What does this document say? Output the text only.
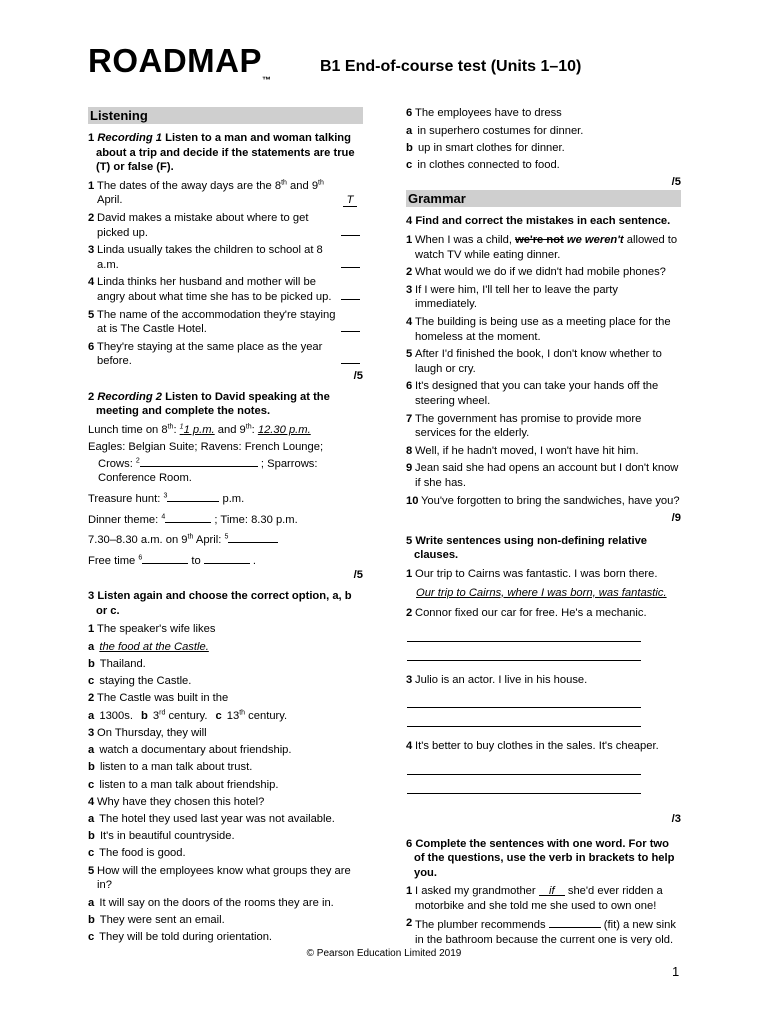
ROADMAP
™
B1 End-of-course test (Units 1–10)
Listening
1 Recording 1 Listen to a man and woman talking about a trip and decide if the statements are true (T) or false (F).
1 The dates of the away days are the 8th and 9th April.	T
2 David makes a mistake about where to get picked up.
3 Linda usually takes the children to school at 8 a.m.
4 Linda thinks her husband and mother will be angry about what time she has to be picked up.
5 The name of the accommodation they're staying at is The Castle Hotel.
6 They're staying at the same place as the year before.
/5
2 Recording 2 Listen to David speaking at the meeting and complete the notes.
Lunch time on 8th: $^1$1 p.m. and 9th: 12.30 p.m.
Eagles: Belgian Suite; Ravens: French Lounge;
Crows: $^2$	; Sparrows:
Conference Room.
Treasure hunt: $^3$	p.m.
Dinner theme: $^4$	; Time: 8.30 p.m.
7.30–8.30 a.m. on 9th April: $^5$
Free time $^6$	to	.
/5
3 Listen again and choose the correct option, a, b or c.
1 The speaker's wife likes
a the food at the Castle.
b Thailand.
c staying the Castle.
2 The Castle was built in the
a 1300s. b 3rd century. c 13th century.
3 On Thursday, they will
a watch a documentary about friendship.
b listen to a man talk about trust.
c listen to a man talk about friendship.
4 Why have they chosen this hotel?
a The hotel they used last year was not available.
b It's in beautiful countryside.
c The food is good.
5 How will the employees know what groups they are in?
a It will say on the doors of the rooms they are in.
b They were sent an email.
c They will be told during orientation.
6 The employees have to dress
a in superhero costumes for dinner.
b up in smart clothes for dinner.
c in clothes connected to food.
/5
Grammar
4 Find and correct the mistakes in each sentence.
1 When I was a child, we're not we weren't allowed to watch TV while eating dinner.
2 What would we do if we didn't had mobile phones?
3 If I were him, I'll tell her to leave the party immediately.
4 The building is being use as a meeting place for the homeless at the moment.
5 After I'd finished the book, I don't know whether to laugh or cry.
6 It's designed that you can take your hands off the steering wheel.
7 The government has promise to provide more services for the elderly.
8 Well, if he hadn't moved, I won't have hit him.
9 Jean said she had opens an account but I don't know if she has.
10 You've forgotten to bring the sandwiches, have you?
/9
5 Write sentences using non-defining relative clauses.
1 Our trip to Cairns was fantastic. I was born there.
Our trip to Cairns, where I was born, was fantastic.
2 Connor fixed our car for free. He's a mechanic.
3 Julio is an actor. I live in his house.
4 It's better to buy clothes in the sales. It's cheaper.
/3
6 Complete the sentences with one word. For two of the questions, use the verb in brackets to help you.
1 I asked my grandmother if she'd ever ridden a motorbike and she told me she used to own one!
2 The plumber recommends	(fit) a new sink in the bathroom because the current one is very old.
© Pearson Education Limited 2019
1
